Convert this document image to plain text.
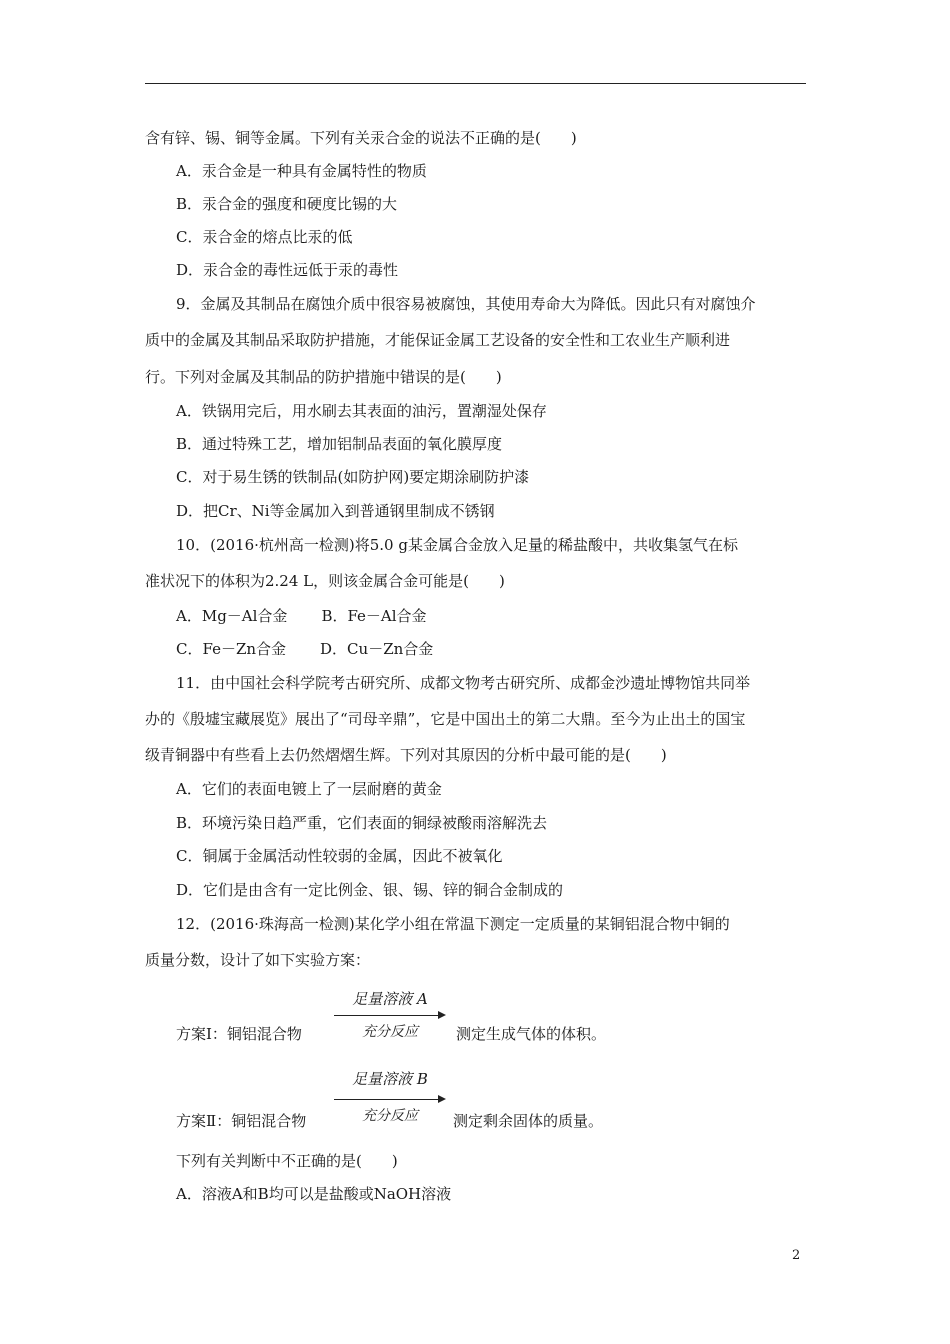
含有锌、锡、铜等金属。下列有关汞合金的说法不正确的是(　　)
A．汞合金是一种具有金属特性的物质
B．汞合金的强度和硬度比锡的大
C．汞合金的熔点比汞的低
D．汞合金的毒性远低于汞的毒性
9．金属及其制品在腐蚀介质中很容易被腐蚀，其使用寿命大为降低。因此只有对腐蚀介
质中的金属及其制品采取防护措施，才能保证金属工艺设备的安全性和工农业生产顺利进
行。下列对金属及其制品的防护措施中错误的是(　　)
A．铁锅用完后，用水刷去其表面的油污，置潮湿处保存
B．通过特殊工艺，增加铝制品表面的氧化膜厚度
C．对于易生锈的铁制品(如防护网)要定期涂刷防护漆
D．把Cr、Ni等金属加入到普通钢里制成不锈钢
10．(2016·杭州高一检测)将5.0 g某金属合金放入足量的稀盐酸中，共收集氢气在标
准状况下的体积为2.24 L，则该金属合金可能是(　　)
A．Mg－Al合金 B．Fe－Al合金
C．Fe－Zn合金 D．Cu－Zn合金
11．由中国社会科学院考古研究所、成都文物考古研究所、成都金沙遗址博物馆共同举
办的《殷墟宝藏展览》展出了“司母辛鼎”，它是中国出土的第二大鼎。至今为止出土的国宝
级青铜器中有些看上去仍然熠熠生辉。下列对其原因的分析中最可能的是(　　)
A．它们的表面电镀上了一层耐磨的黄金
B．环境污染日趋严重，它们表面的铜绿被酸雨溶解洗去
C．铜属于金属活动性较弱的金属，因此不被氧化
D．它们是由含有一定比例金、银、锡、锌的铜合金制成的
12．(2016·珠海高一检测)某化学小组在常温下测定一定质量的某铜铝混合物中铜的
质量分数，设计了如下实验方案：
方案Ⅰ：铜铝混合物
足量溶液 A
充分反应	测定生成气体的体积。
方案Ⅱ：铜铝混合物
足量溶液 B
充分反应	测定剩余固体的质量。
下列有关判断中不正确的是(　　)
A．溶液A和B均可以是盐酸或NaOH溶液
2
